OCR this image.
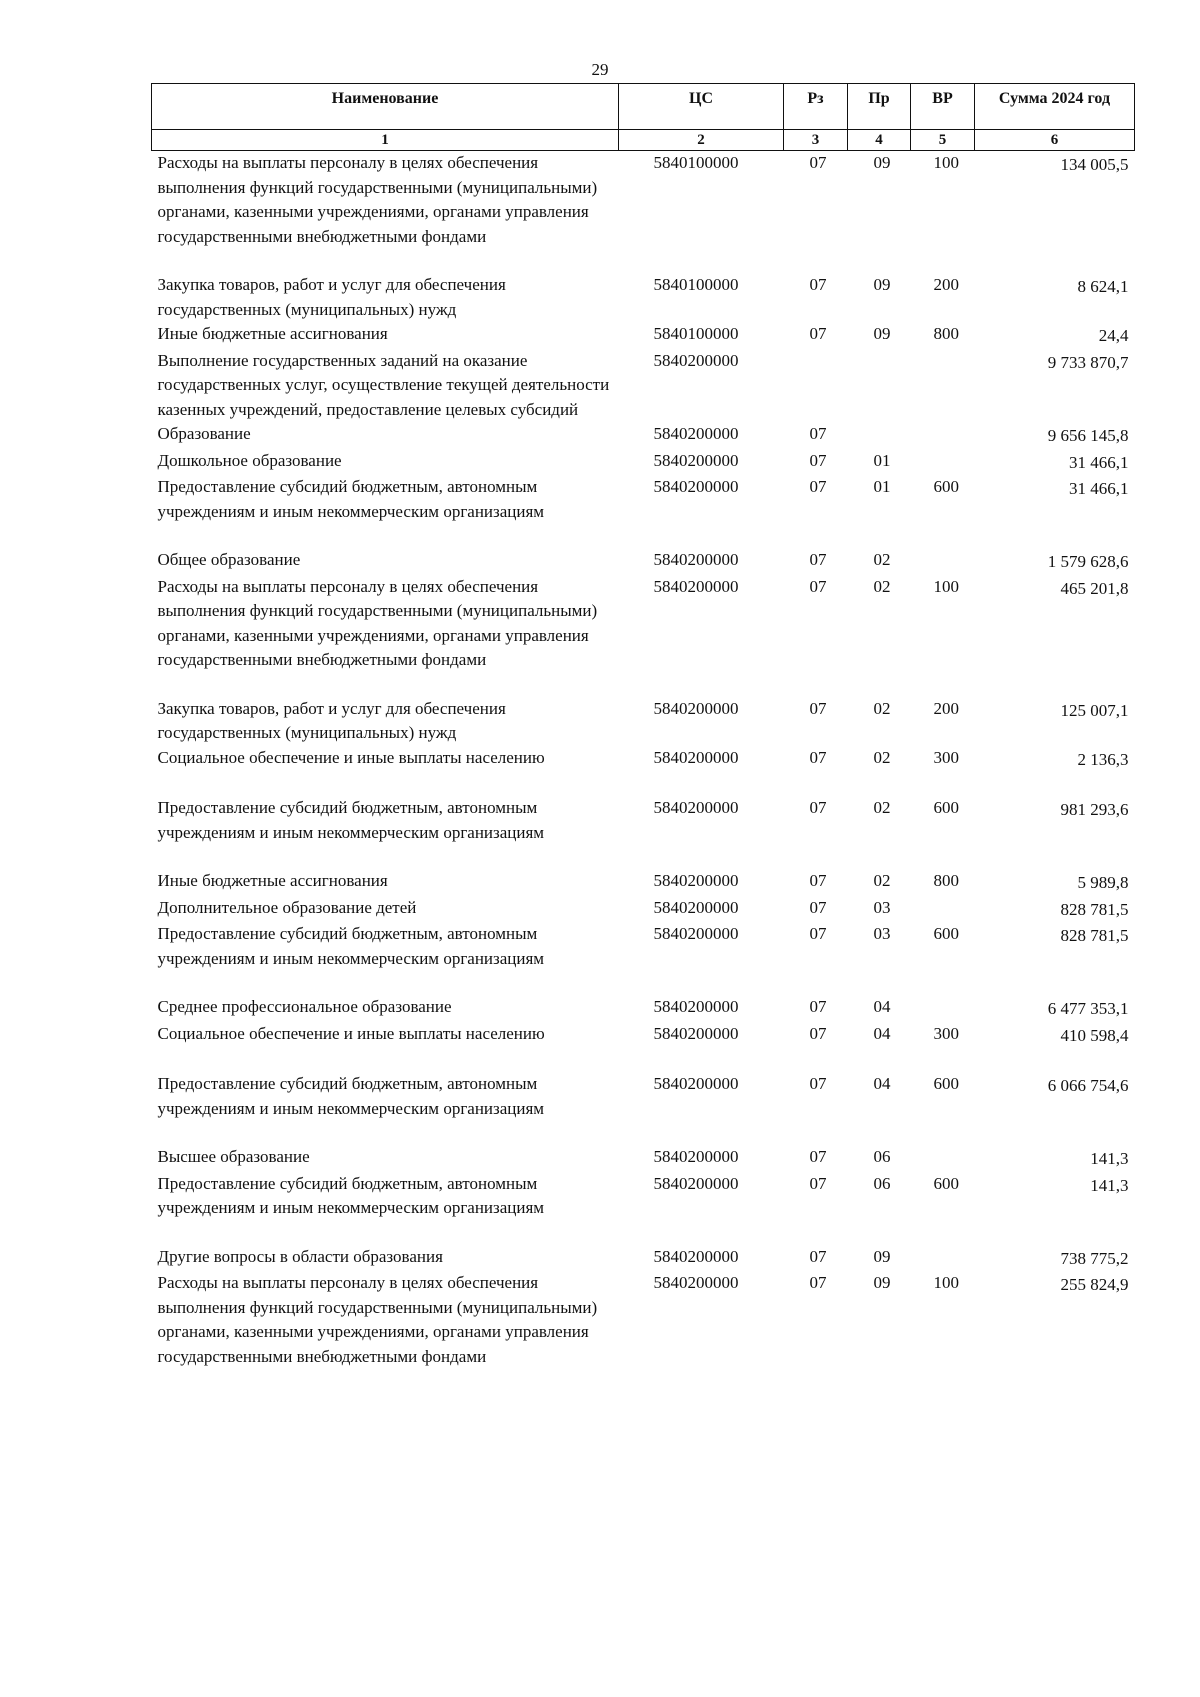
29
Наименование	ЦС	Рз	Пр	ВР	Сумма 2024 год
1	2	3	4	5	6
Расходы на выплаты персоналу в целях обеспечения выполнения функций государственными (муниципальными) органами, казенными учреждениями, органами управления государственными внебюджетными фондами	5840100000	07	09	100	134 005,5
Закупка товаров, работ и услуг для обеспечения государственных (муниципальных) нужд	5840100000	07	09	200	8 624,1
Иные бюджетные ассигнования	5840100000	07	09	800	24,4
Выполнение государственных заданий на оказание государственных услуг, осуществление текущей деятельности казенных учреждений, предоставление целевых субсидий	5840200000				9 733 870,7
Образование	5840200000	07			9 656 145,8
Дошкольное образование	5840200000	07	01		31 466,1
Предоставление субсидий бюджетным, автономным учреждениям и иным некоммерческим организациям	5840200000	07	01	600	31 466,1
Общее образование	5840200000	07	02		1 579 628,6
Расходы на выплаты персоналу в целях обеспечения выполнения функций государственными (муниципальными) органами, казенными учреждениями, органами управления государственными внебюджетными фондами	5840200000	07	02	100	465 201,8
Закупка товаров, работ и услуг для обеспечения государственных (муниципальных) нужд	5840200000	07	02	200	125 007,1
Социальное обеспечение и иные выплаты населению	5840200000	07	02	300	2 136,3
Предоставление субсидий бюджетным, автономным учреждениям и иным некоммерческим организациям	5840200000	07	02	600	981 293,6
Иные бюджетные ассигнования	5840200000	07	02	800	5 989,8
Дополнительное образование детей	5840200000	07	03		828 781,5
Предоставление субсидий бюджетным, автономным учреждениям и иным некоммерческим организациям	5840200000	07	03	600	828 781,5
Среднее профессиональное образование	5840200000	07	04		6 477 353,1
Социальное обеспечение и иные выплаты населению	5840200000	07	04	300	410 598,4
Предоставление субсидий бюджетным, автономным учреждениям и иным некоммерческим организациям	5840200000	07	04	600	6 066 754,6
Высшее образование	5840200000	07	06		141,3
Предоставление субсидий бюджетным, автономным учреждениям и иным некоммерческим организациям	5840200000	07	06	600	141,3
Другие вопросы в области образования	5840200000	07	09		738 775,2
Расходы на выплаты персоналу в целях обеспечения выполнения функций государственными (муниципальными) органами, казенными учреждениями, органами управления государственными внебюджетными фондами	5840200000	07	09	100	255 824,9
